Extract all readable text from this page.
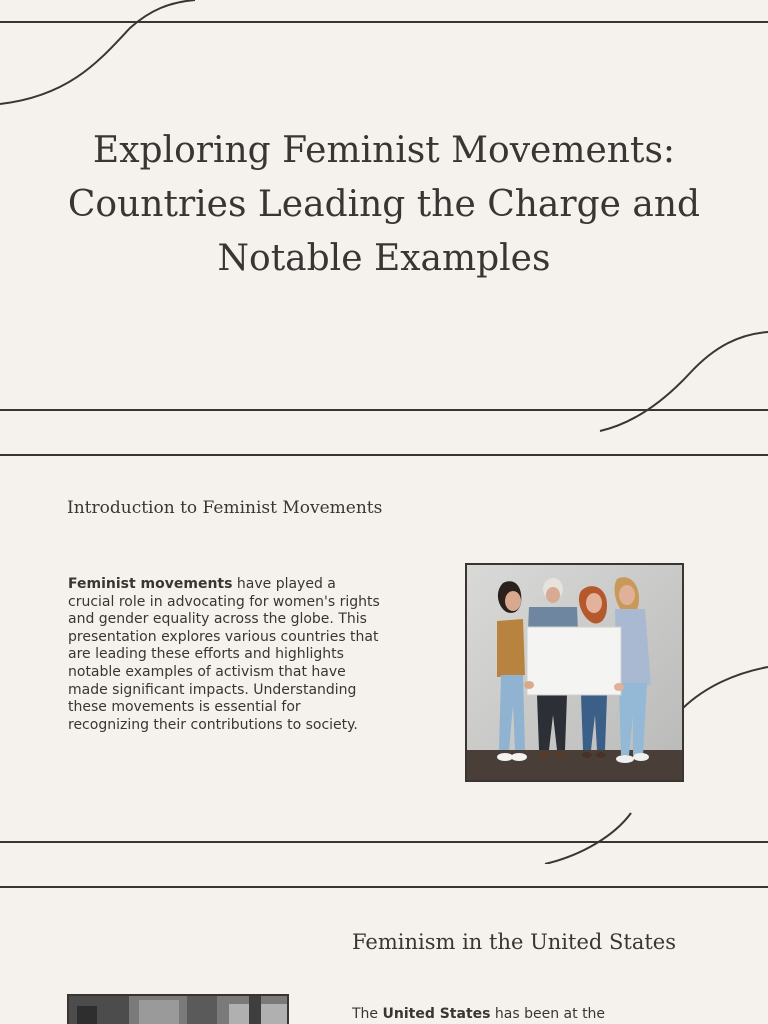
Exploring Feminist Movements: Countries Leading the Charge and Notable Examples
Introduction to Feminist Movements

Feminist movements have played a crucial role in advocating for women's rights and gender equality across the globe. This presentation explores various countries that are leading these efforts and highlights notable examples of activism that have made significant impacts. Understanding these movements is essential for recognizing their contributions to society.

Feminism in the United States

The United States has been at the
